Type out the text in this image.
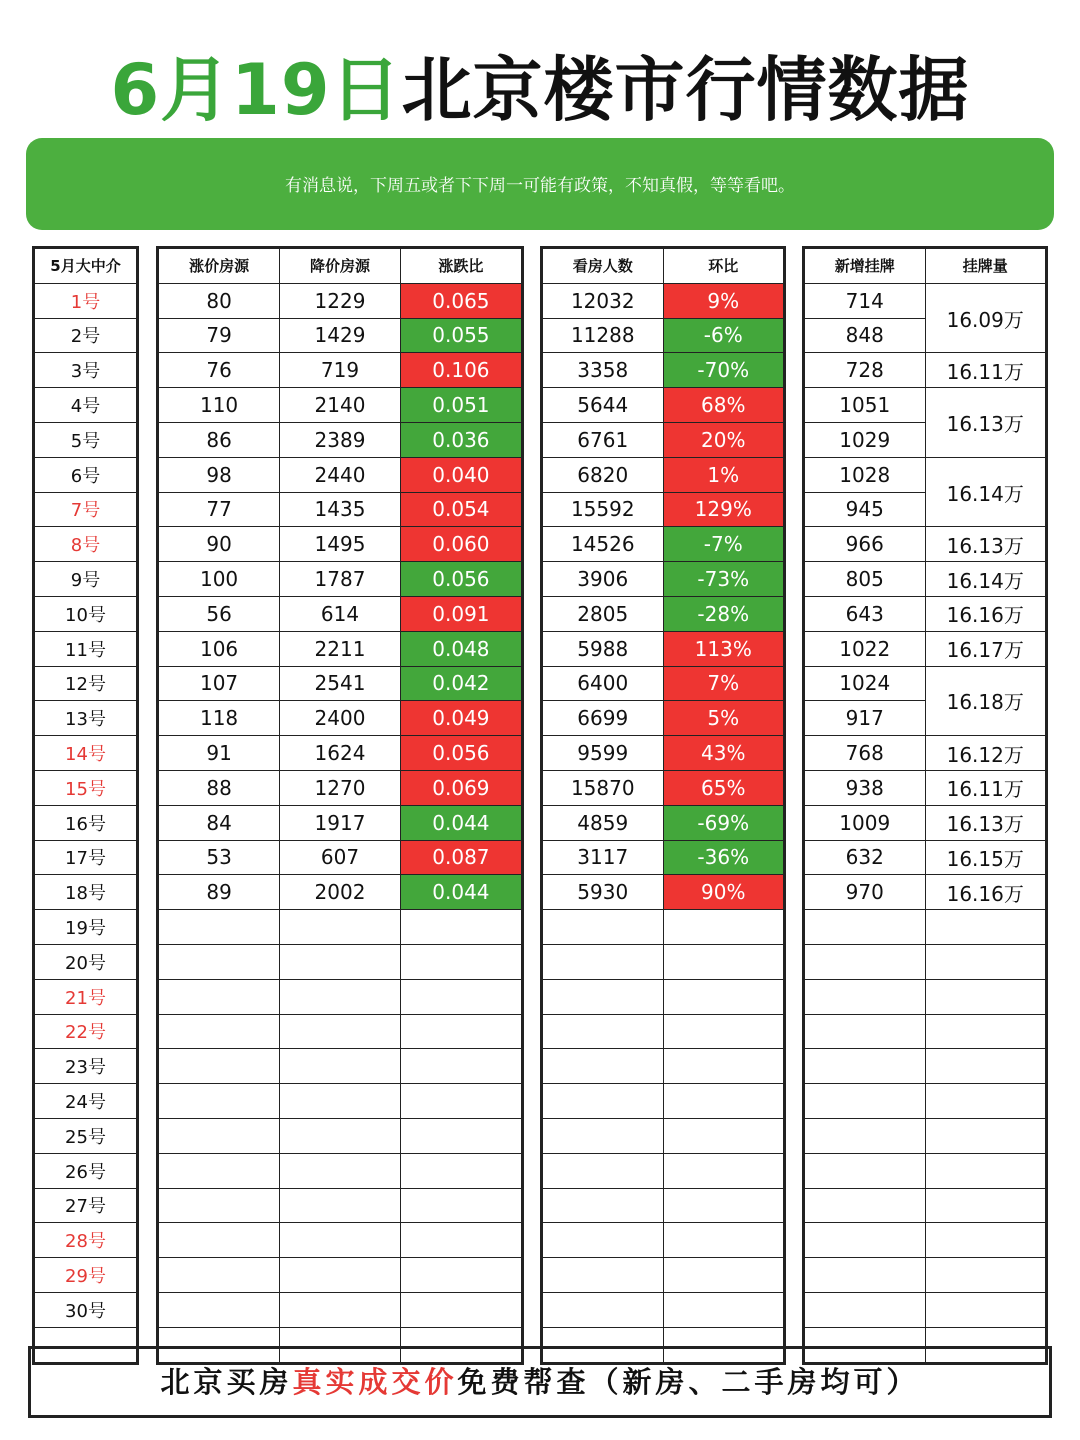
6月19日北京楼市行情数据
有消息说，下周五或者下下周一可能有政策，不知真假，等等看吧。
5月大中介
1号
2号
3号
4号
5号
6号
7号
8号
9号
10号
11号
12号
13号
14号
15号
16号
17号
18号
19号
20号
21号
22号
23号
24号
25号
26号
27号
28号
29号
30号

涨价房源	降价房源	涨跌比
80	1229	0.065
79	1429	0.055
76	719	0.106
110	2140	0.051
86	2389	0.036
98	2440	0.040
77	1435	0.054
90	1495	0.060
100	1787	0.056
56	614	0.091
106	2211	0.048
107	2541	0.042
118	2400	0.049
91	1624	0.056
88	1270	0.069
84	1917	0.044
53	607	0.087
89	2002	0.044

看房人数	环比
12032	9%
11288	-6%
3358	-70%
5644	68%
6761	20%
6820	1%
15592	129%
14526	-7%
3906	-73%
2805	-28%
5988	113%
6400	7%
6699	5%
9599	43%
15870	65%
4859	-69%
3117	-36%
5930	90%

新增挂牌	挂牌量
714	16.09万
848	
728	16.11万
1051	16.13万
1029	
1028	16.14万
945	
966	16.13万
805	16.14万
643	16.16万
1022	16.17万
1024	16.18万
917	
768	16.12万
938	16.11万
1009	16.13万
632	16.15万
970	16.16万

北京买房真实成交价免费帮查（新房、二手房均可）
